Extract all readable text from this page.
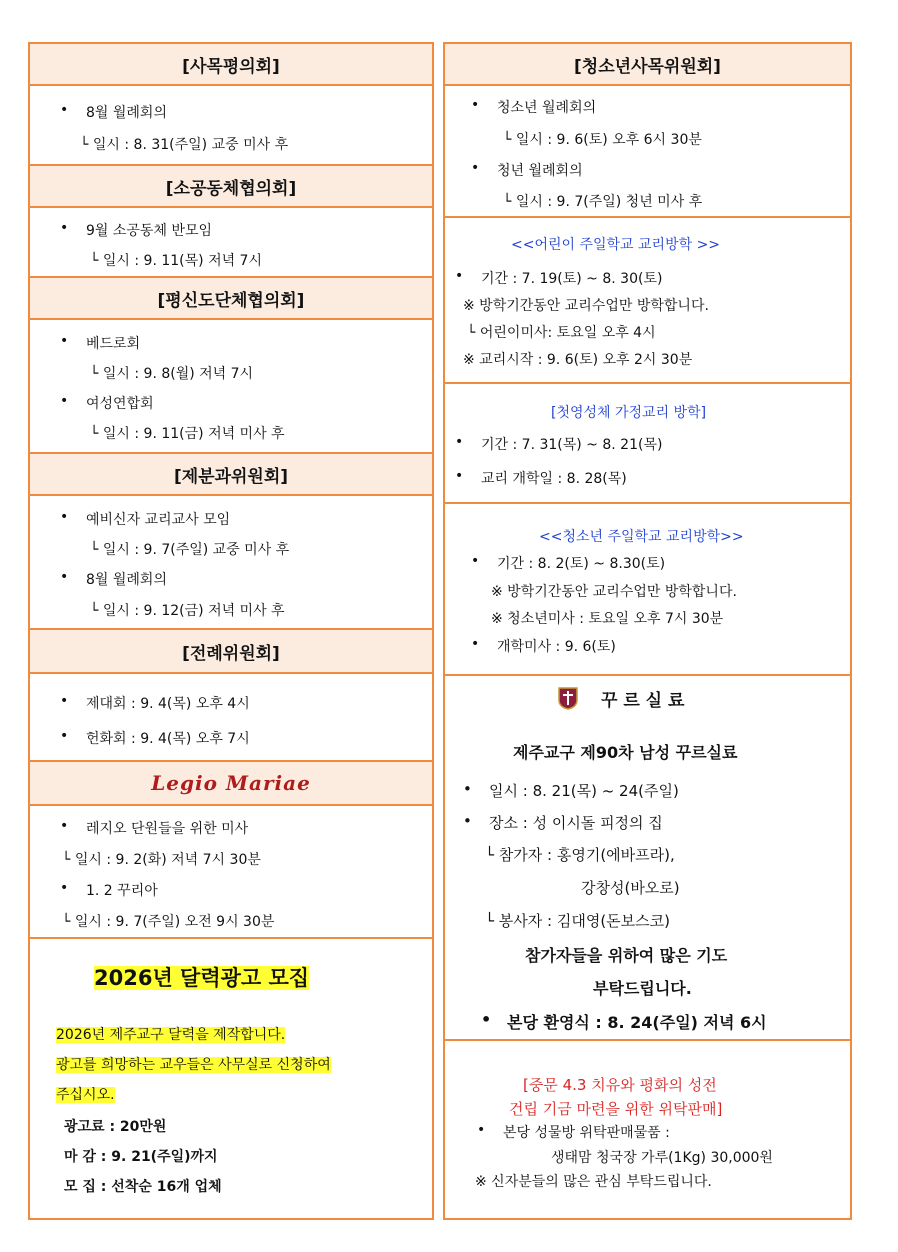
[사목평의회]
• 8월 월례회의
└ 일시 : 8. 31(주일) 교중 미사 후
[소공동체협의회]
• 9월 소공동체 반모임
└ 일시 : 9. 11(목) 저녁 7시
[평신도단체협의회]
• 베드로회
└ 일시 : 9. 8(월) 저녁 7시
• 여성연합회
└ 일시 : 9. 11(금) 저녁 미사 후
[제분과위원회]
• 예비신자 교리교사 모임
└ 일시 : 9. 7(주일) 교중 미사 후
• 8월 월례회의
└ 일시 : 9. 12(금) 저녁 미사 후
[전례위원회]
• 제대회 : 9. 4(목) 오후 4시
• 헌화회 : 9. 4(목) 오후 7시
Legio Mariae
• 레지오 단원들을 위한 미사
└ 일시 : 9. 2(화) 저녁 7시 30분
• 1. 2 꾸리아
└ 일시 : 9. 7(주일) 오전 9시 30분
2026년 달력광고 모집
2026년 제주교구 달력을 제작합니다.
광고를 희망하는 교우들은 사무실로 신청하여
주십시오.
광고료 : 20만원
마 감 : 9. 21(주일)까지
모 집 : 선착순 16개 업체
[청소년사목위원회]
• 청소년 월례회의
└ 일시 : 9. 6(토) 오후 6시 30분
• 청년 월례회의
└ 일시 : 9. 7(주일) 청년 미사 후
<<어린이 주일학교 교리방학 >>
• 기간 : 7. 19(토) ~ 8. 30(토)
※ 방학기간동안 교리수업만 방학합니다.
└ 어린이미사: 토요일 오후 4시
※ 교리시작 : 9. 6(토) 오후 2시 30분
[첫영성체 가정교리 방학]
• 기간 : 7. 31(목) ~ 8. 21(목)
• 교리 개학일 : 8. 28(목)
<<청소년 주일학교 교리방학>>
• 기간 : 8. 2(토) ~ 8.30(토)
※ 방학기간동안 교리수업만 방학합니다.
※ 청소년미사 : 토요일 오후 7시 30분
• 개학미사 : 9. 6(토)
꾸 르 실 료
제주교구 제90차 남성 꾸르실료
• 일시 : 8. 21(목) ~ 24(주일)
• 장소 : 성 이시돌 피정의 집
└ 참가자 : 홍영기(에바프라),
강창성(바오로)
└ 봉사자 : 김대영(돈보스코)
참가자들을 위하여 많은 기도
부탁드립니다.
• 본당 환영식 : 8. 24(주일) 저녁 6시
[중문 4.3 치유와 평화의 성전
건립 기금 마련을 위한 위탁판매]
• 본당 성물방 위탁판매물품 :
생태맘 청국장 가루(1Kg) 30,000원
※ 신자분들의 많은 관심 부탁드립니다.
